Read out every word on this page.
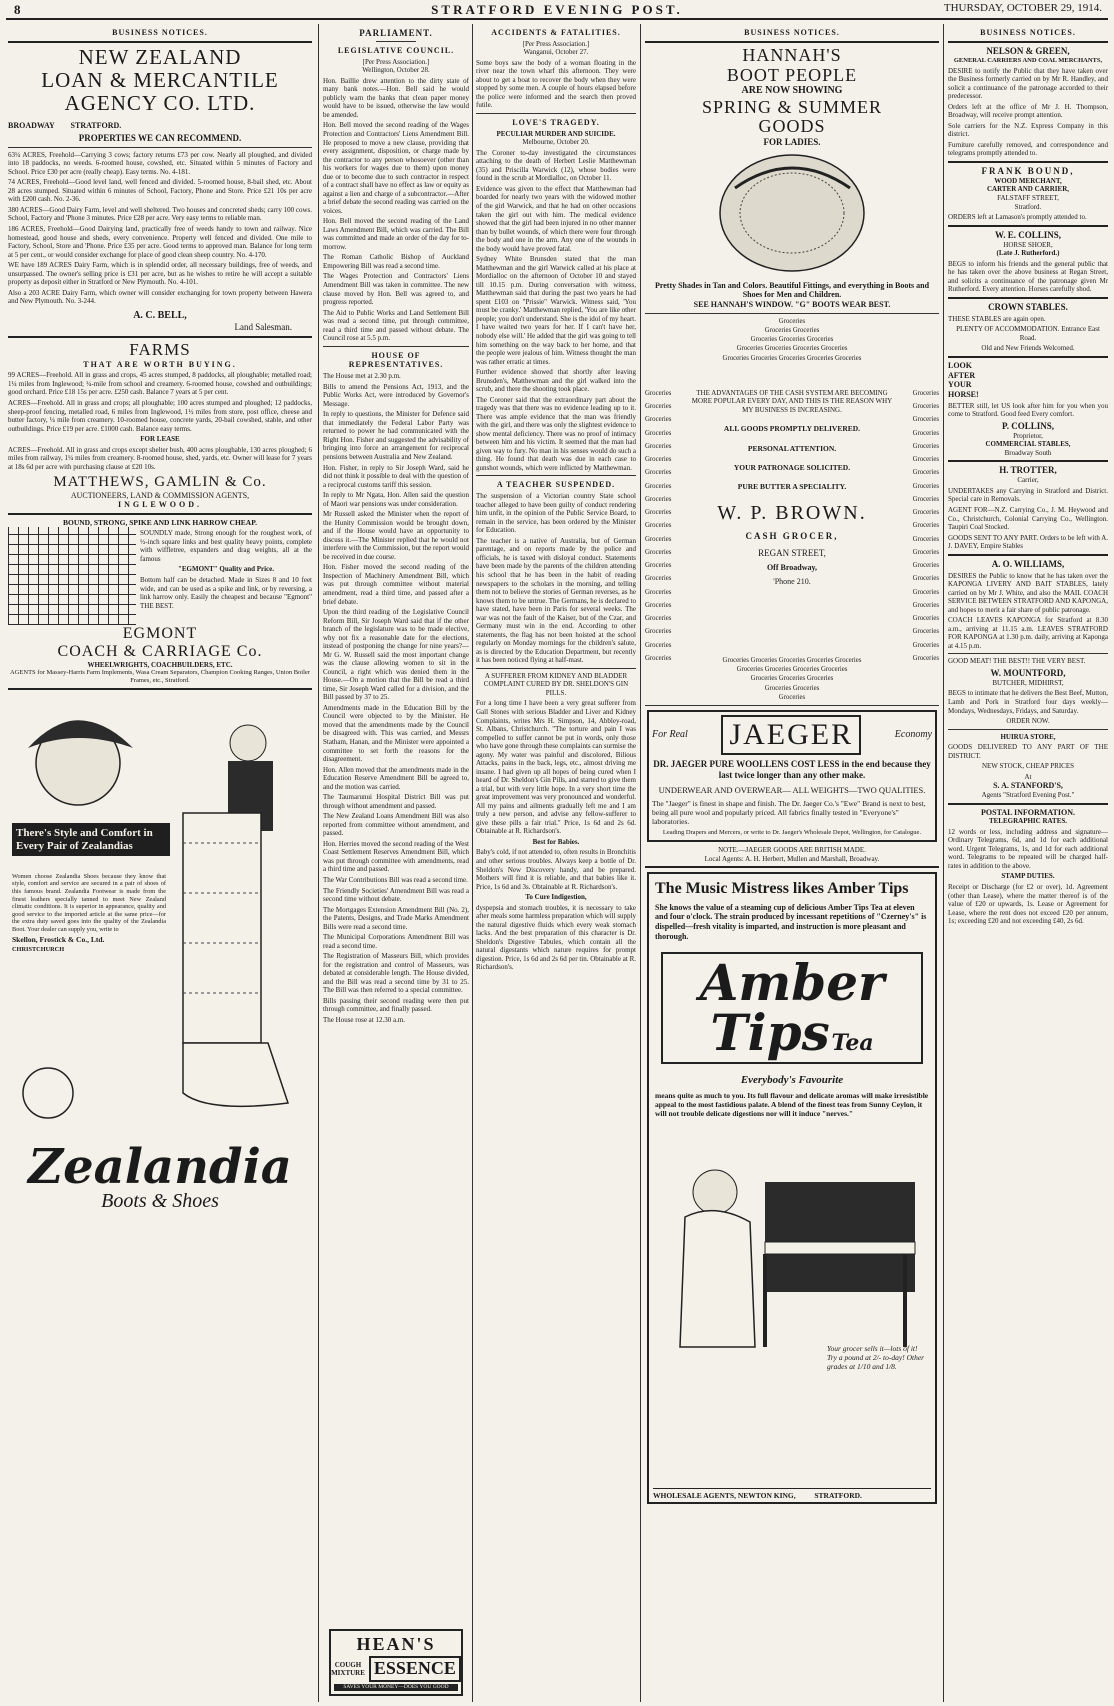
8	STRATFORD EVENING POST.	THURSDAY, OCTOBER 29, 1914.
BUSINESS NOTICES.
NEW ZEALAND
LOAN & MERCANTILE
AGENCY CO. LTD.
BROADWAY        STRATFORD.
PROPERTIES WE CAN RECOMMEND.

63¼ ACRES, Freehold—Carrying 3 cows; factory returns £73 per cow. Nearly all ploughed, and divided into 18 paddocks, no weeds. 6-roomed house, cowshed, etc. Situated within 5 minutes of Factory and School. Price £30 per acre (really cheap). Easy terms. No. 4-181.

74 ACRES, Freehold—Good level land, well fenced and divided. 5-roomed house, 8-bail shed, etc. About 28 acres stumped. Situated within 6 minutes of School, Factory, Phone and Store. Price £21 10s per acre with £200 cash. No. 2-36.

380 ACRES—Good Dairy Farm, level and well sheltered. Two houses and concreted sheds; carry 100 cows. School, Factory and 'Phone 3 minutes. Price £28 per acre. Very easy terms to reliable man.

186 ACRES, Freehold—Good Dairying land, practically free of weeds handy to town and railway. Nice homestead, good house and sheds, every convenience. Property well fenced and divided. One mile to Factory, School, Store and 'Phone. Price £35 per acre. Good terms to approved man. Balance for long term at 5 per cent., or would consider exchange for place of good clean sheep country. No. 4-170.

WE have 189 ACRES Dairy Farm, which is in splendid order, all necessary buildings, free of weeds, and unsurpassed. The owner's selling price is £31 per acre, but as he wishes to retire he will accept a suitable property as deposit either in Stratford or New Plymouth. No. 4-101.

Also a 203 ACRE Dairy Farm, which owner will consider exchanging for town property between Hawera and New Plymouth. No. 3-244.

A. C. BELL,
Land Salesman.
FARMS
THAT ARE WORTH BUYING.

99 ACRES—Freehold. All in grass and crops, 45 acres stumped, 8 paddocks, all ploughable; metalled road; 1¼ miles from Inglewood; ¼-mile from school and creamery. 6-roomed house, cowshed and outbuildings; good orchard. Price £18 15s per acre. £250 cash. Balance 7 years at 5 per cent.

ACRES—Freehold. All in grass and crops; all ploughable; 100 acres stumped and ploughed; 12 paddocks, sheep-proof fencing, metalled road, 6 miles from Inglewood, 1½ miles from store, post office, cheese and butter factory, ¼ mile from creamery. 10-roomed house, concrete yards, 20-bail cowshed, stable, and other outbuildings. Price £19 per acre. £1000 cash. Balance easy terms.

FOR LEASE

ACRES—Freehold. All in grass and crops except shelter bush, 400 acres ploughable, 130 acres ploughed; 6 miles from railway, 1¼ miles from creamery. 8-roomed house, shed, yards, etc. Owner will lease for 7 years at 18s 6d per acre with purchasing clause at £20 10s.

MATTHEWS, GAMLIN & Co.
AUCTIONEERS, LAND & COMMISSION AGENTS,
INGLEWOOD.
BOUND, STRONG, SPIKE AND LINK HARROW CHEAP.

SOUNDLY made, Strong enough for the roughest work, of ½-inch square links and best quality heavy points, complete with wiffletree, expanders and drag weights, all at the famous

"EGMONT" Quality and Price.

Bottom half can be detached. Made in Sizes 8 and 10 feet wide, and can be used as a spike and link, or by reversing, a link harrow only. Easily the cheapest and because "Egmont" THE BEST.

EGMONT
COACH & CARRIAGE Co.
WHEELWRIGHTS, COACHBUILDERS, ETC.
AGENTS for Massey-Harris Farm Implements, Wasa Cream Separators, Champion Cooking Ranges, Union Boiler Frames, etc., Stratford.
There's Style and Comfort in Every Pair of Zealandias

Women choose Zealandia Shoes because they know that style, comfort and service are secured in a pair of shoes of this famous brand. Zealandia Footwear is made from the finest leathers specially tanned to meet New Zealand climatic conditions. It is superior in appearance, quality and good service to the imported article at the same price—for the extra duty saved goes into the quality of the Zealandia Boot. Your dealer can supply you, write to

Skellon, Frostick & Co., Ltd.

CHRISTCHURCH

Zealandia
Boots & Shoes
PARLIAMENT.
LEGISLATIVE COUNCIL.
[Per Press Association.]
Wellington, October 28.

Hon. Baillie drew attention to the dirty state of many bank notes.—Hon. Bell said he would publicly warn the banks that clean paper money would have to be issued, otherwise the law would be amended.

Hon. Bell moved the second reading of the Wages Protection and Contractors' Liens Amendment Bill. He proposed to move a new clause, providing that every assignment, disposition, or charge made by the contractor to any person whosoever (other than his workers for wages due to them) upon money due or to become due to such contractor in respect of a contract shall have no effect as law or equity as against a lien and charge of a subcontractor.—After a brief debate the second reading was carried on the voices.

Hon. Bell moved the second reading of the Land Laws Amendment Bill, which was carried. The Bill was committed and made an order of the day for to-morrow.

The Roman Catholic Bishop of Auckland Empowering Bill was read a second time.

The Wages Protection and Contractors' Liens Amendment Bill was taken in committee. The new clause moved by Hon. Bell was agreed to, and progress reported.

The Aid to Public Works and Land Settlement Bill was read a second time, put through committee, read a third time and passed without debate. The Council rose at 5.5 p.m.

HOUSE OF REPRESENTATIVES.

The House met at 2.30 p.m.

Bills to amend the Pensions Act, 1913, and the Public Works Act, were introduced by Governor's Message.

In reply to questions, the Minister for Defence said that immediately the Federal Labor Party was returned to power he had communicated with the Right Hon. Fisher and suggested the advisability of bringing into force an arrangement for reciprocal pensions between Australia and New Zealand.

Hon. Fisher, in reply to Sir Joseph Ward, said he did not think it possible to deal with the question of a reciprocal customs tariff this session.

In reply to Mr Ngata, Hon. Allen said the question of Maori war pensions was under consideration.

Mr Russell asked the Minister when the report of the Hunity Commission would be brought down, and if the House would have an opportunity to discuss it.—The Minister replied that he would not interfere with the Commission, but the report would be received in due course.

Hon. Fisher moved the second reading of the Inspection of Machinery Amendment Bill, which was put through committee without material amendment, read a third time, and passed after a brief debate.

Upon the third reading of the Legislative Council Reform Bill, Sir Joseph Ward said that if the other branch of the legislature was to be made elective, why not fix a reasonable date for the elections, instead of postponing the change for nine years?—Mr G. W. Russell said the most important change was the clause allowing women to sit in the Council, a right which was denied them in the House.—On a motion that the Bill be read a third time, Sir Joseph Ward called for a division, and the Bill passed by 37 to 25.

Amendments made in the Education Bill by the Council were objected to by the Minister. He moved that the amendments made by the Council be disagreed with. This was carried, and Messrs Statham, Hanan, and the Minister were appointed a committee to set forth the reasons for the disagreement.

Hon. Allen moved that the amendments made in the Education Reserve Amendment Bill be agreed to, and the motion was carried.

The Taumarunui Hospital District Bill was put through without amendment and passed.

The New Zealand Loans Amendment Bill was also reported from committee without amendment, and passed.

Hon. Herries moved the second reading of the West Coast Settlement Reserves Amendment Bill, which was put through committee with amendments, read a third time and passed.

The War Contributions Bill was read a second time.

The Friendly Societies' Amendment Bill was read a second time without debate.

The Mortgages Extension Amendment Bill (No. 2), the Patents, Designs, and Trade Marks Amendment Bills were read a second time.

The Municipal Corporations Amendment Bill was read a second time.

The Registration of Masseurs Bill, which provides for the registration and control of Masseurs, was debated at considerable length. The House divided, and the Bill was read a second time by 31 to 25. The Bill was then referred to a special committee.

Bills passing their second reading were then put through committee, and finally passed.

The House rose at 12.30 a.m.

HEAN'S
COUGH MIXTURE ESSENCE
SAVES YOUR MONEY—DOES YOU GOOD
ACCIDENTS & FATALITIES.
[Per Press Association.]
Wanganui, October 27.

Some boys saw the body of a woman floating in the river near the town wharf this afternoon. They were about to get a boat to recover the body when they were stopped by some men. A couple of hours elapsed before the police were informed and the search then proved futile.

LOVE'S TRAGEDY.
PECULIAR MURDER AND SUICIDE.
Melbourne, October 20.

The Coroner to-day investigated the circumstances attaching to the death of Herbert Leslie Matthewman (35) and Priscilla Warwick (12), whose bodies were found in the scrub at Mordialloc, on October 11.

Evidence was given to the effect that Matthewman had boarded for nearly two years with the widowed mother of the girl Warwick, and that he had on other occasions taken the girl out with him. The medical evidence showed that the girl had been injured in no other manner than by bullet wounds, of which there were four through the body and one in the arm. Any one of the wounds in the body would have proved fatal.

Sydney White Brunsden stated that the man Matthewman and the girl Warwick called at his place at Mordialloc on the afternoon of October 10 and stayed till 10.15 p.m. During conversation with witness, Matthewman said that during the past two years he had spent £103 on "Prissie" Warwick. Witness said, 'You must be cranky.' Matthewman replied, 'You are like other people; you don't understand. She is the idol of my heart. I have waited two years for her. If I can't have her, nobody else will.' He added that the girl was going to tell him something on the way back to her home, and that the people were jealous of him. Witness thought the man was rather erratic at times.

Further evidence showed that shortly after leaving Brunsden's, Matthewman and the girl walked into the scrub, and there the shooting took place.

The Coroner said that the extraordinary part about the tragedy was that there was no evidence leading up to it. There was ample evidence that the man was friendly with the girl, and there was only the slightest evidence to show mental deficiency. There was no proof of intimacy between him and his victim. It seemed that the man had given way to fury. No man in his senses would do such a thing. He found that death was due in each case to gunshot wounds, which were inflicted by Matthewman.

A TEACHER SUSPENDED.

The suspension of a Victorian country State school teacher alleged to have been guilty of conduct rendering him unfit, in the opinion of the Public Service Board, to remain in the service, has been ordered by the Minister for Education.

The teacher is a native of Australia, but of German parentage, and on reports made by the police and officials, he is taxed with disloyal conduct. Statements have been made by the parents of the children attending his school that he has been in the habit of reading newspapers to the scholars in the morning, and telling them not to believe the stories of German reverses, as he knows them to be untrue. The Germans, he is declared to have stated, have been in Paris for several weeks. The war was not the fault of the Kaiser, but of the Czar, and Germany must win in the end. According to other statements, the flag has not been hoisted at the school regularly on Monday mornings for the children's salute, as is directed by the Education Department, but recently it has been noticed flying at half-mast.

A SUFFERER FROM KIDNEY AND BLADDER COMPLAINT CURED BY DR. SHELDON'S GIN PILLS.

For a long time I have been a very great sufferer from Gall Stones with serious Bladder and Liver and Kidney Complaints, writes Mrs H. Simpson, 14, Abbley-road, St. Albans, Christchurch. "The torture and pain I was compelled to suffer cannot be put in words, only those who have gone through these complaints can surmise the agony. My water was painful and discolored, Bilious Attacks, pains in the back, legs, etc., almost driving me insane. I had given up all hopes of being cured when I heard of Dr. Sheldon's Gin Pills, and started to give them a trial, but with very little hope. In a very short time the great improvement was very pronounced and wonderful. All my pains and ailments gradually left me and I am truly a new person, and advise any fellow-sufferer to give these pills a fair trial." Price, 1s 6d and 2s 6d. Obtainable at R. Richardson's.

Best for Babies.

Baby's cold, if not attended to, often results in Bronchitis and other serious troubles. Always keep a bottle of Dr. Sheldon's New Discovery handy, and be prepared. Mothers will find it is reliable, and that babies like it. Price, 1s 6d and 3s. Obtainable at R. Richardson's.

To Cure Indigestion,

dyspepsia and stomach troubles, it is necessary to take after meals some harmless preparation which will supply the natural digestive fluids which every weak stomach lacks. And the best preparation of this character is Dr. Sheldon's Digestive Tabules, which contain all the natural digestants which nature requires for prompt digestion. Price, 1s 6d and 2s 6d per tin. Obtainable at R. Richardson's.

BUSINESS NOTICES.
HANNAH'S
BOOT PEOPLE
ARE NOW SHOWING
SPRING & SUMMER
GOODS
FOR LADIES.
Pretty Shades in Tan and Colors. Beautiful Fittings, and everything in Boots and Shoes for Men and Children.
SEE HANNAH'S WINDOW. "G" BOOTS WEAR BEST.
Groceries
Groceries Groceries
Groceries Groceries Groceries
Groceries Groceries Groceries Groceries
Groceries Groceries Groceries Groceries Groceries
Groceries
Groceries
Groceries
Groceries
Groceries
Groceries
Groceries
Groceries
Groceries
Groceries
Groceries
Groceries
Groceries
Groceries
Groceries
Groceries
Groceries
Groceries
Groceries
Groceries
Groceries
Groceries
Groceries
Groceries
Groceries
Groceries
Groceries
Groceries
Groceries
Groceries
Groceries
Groceries
Groceries
Groceries
Groceries
Groceries
Groceries
Groceries
Groceries
Groceries
Groceries
Groceries
THE ADVANTAGES OF THE CASH SYSTEM ARE BECOMING MORE POPULAR EVERY DAY, AND THIS IS THE REASON WHY MY BUSINESS IS INCREASING.
ALL GOODS PROMPTLY DELIVERED.
PERSONAL ATTENTION.
YOUR PATRONAGE SOLICITED.
PURE BUTTER A SPECIALITY.
W. P. BROWN.
CASH GROCER,
REGAN STREET,
Off Broadway,
'Phone 210.
Groceries Groceries Groceries Groceries Groceries
Groceries Groceries Groceries Groceries
Groceries Groceries Groceries
Groceries Groceries
Groceries
For Real JAEGER	Economy
DR. JAEGER PURE WOOLLENS COST LESS in the end because they last twice longer than any other make.
UNDERWEAR AND OVERWEAR— ALL WEIGHTS—TWO QUALITIES.
The "Jaeger" is finest in shape and finish. The Dr. Jaeger Co.'s "Ewe" Brand is next to best, being all pure wool and popularly priced. All fabrics finally tested in "Everyone's" laboratories.
Leading Drapers and Mercers, or write to Dr. Jaeger's Wholesale Depot, Wellington, for Catalogue.
NOTE.—JAEGER GOODS ARE BRITISH MADE.
Local Agents: A. H. Herbert, Mullen and Marshall, Broadway.
The Music Mistress likes Amber Tips
She knows the value of a steaming cup of delicious Amber Tips Tea at eleven and four o'clock. The strain produced by incessant repetitions of "Czerney's" is dispelled—fresh vitality is imparted, and instruction is more pleasant and thorough.
Amber Tips Tea
Everybody's Favourite
means quite as much to you. Its full flavour and delicate aromas will make irresistible appeal to the most fastidious palate. A blend of the finest teas from Sunny Ceylon, it will not trouble delicate digestions nor will it induce "nerves."
Your grocer sells it—lots of it! Try a pound at 2/- to-day! Other grades at 1/10 and 1/8.
WHOLESALE AGENTS, NEWTON KING,          STRATFORD.
BUSINESS NOTICES.
NELSON & GREEN,
GENERAL CARRIERS AND COAL MERCHANTS,

DESIRE to notify the Public that they have taken over the Business formerly carried on by Mr R. Handley, and solicit a continuance of the patronage accorded to their predecessor.

Orders left at the office of Mr J. H. Thompson, Broadway, will receive prompt attention.

Sole carriers for the N.Z. Express Company in this district.

Furniture carefully removed, and correspondence and telegrams promptly attended to.

FRANK BOUND,
WOOD MERCHANT,
CARTER AND CARRIER,
FALSTAFF STREET,
Stratford.

ORDERS left at Lamason's promptly attended to.

W. E. COLLINS,
HORSE SHOER,
(Late J. Rutherford.)

BEGS to inform his friends and the general public that he has taken over the above business at Regan Street, and solicits a continuance of the patronage given Mr Rutherford. Every attention. Horses carefully shod.

CROWN STABLES.

THESE STABLES are again open.

PLENTY OF ACCOMMODATION. Entrance East Road.

Old and New Friends Welcomed.

LOOK AFTER YOUR HORSE!

BETTER still, let US look after him for you when you come to Stratford. Good feed Every comfort.

P. COLLINS,
Proprietor,
COMMERCIAL STABLES,
Broadway South
H. TROTTER,
Carrier,

UNDERTAKES any Carrying in Stratford and District. Special care in Removals.

AGENT FOR—N.Z. Carrying Co., J. M. Heywood and Co., Christchurch, Colonial Carrying Co., Wellington. Taupiri Coal Stocked.

GOODS SENT TO ANY PART. Orders to be left with A. J. DAVEY, Empire Stables

A. O. WILLIAMS,

DESIRES the Public to know that he has taken over the KAPONGA LIVERY AND BAIT STABLES, lately carried on by Mr J. White, and also the MAIL COACH SERVICE BETWEEN STRATFORD AND KAPONGA, and hopes to merit a fair share of public patronage.

COACH LEAVES KAPONGA for Stratford at 8.30 a.m., arriving at 11.15 a.m. LEAVES STRATFORD FOR KAPONGA at 1.30 p.m. daily, arriving at Kaponga at 4.15 p.m.

GOOD MEAT! THE BEST!! THE VERY BEST.

W. MOUNTFORD,
BUTCHER, MIDHIRST,

BEGS to intimate that he delivers the Best Beef, Mutton, Lamb and Pork in Stratford four days weekly—Mondays, Wednesdays, Fridays, and Saturday.

ORDER NOW.
HUIRUA STORE,

GOODS DELIVERED TO ANY PART OF THE DISTRICT.

NEW STOCK, CHEAP PRICES

At
S. A. STANFORD'S,
Agents "Stratford Evening Post."
POSTAL INFORMATION.
TELEGRAPHIC RATES.

12 words or less, including address and signature—Ordinary Telegrams, 6d, and 1d for each additional word. Urgent Telegrams, 1s, and 1d for each additional word. Telegrams to be repeated will be charged half-rates in addition to the above.

STAMP DUTIES.

Receipt or Discharge (for £2 or over), 1d. Agreement (other than Lease), where the matter thereof is of the value of £20 or upwards, 1s. Lease or Agreement for Lease, where the rent does not exceed £20 per annum, 1s; exceeding £20 and not exceeding £40, 2s 6d.
